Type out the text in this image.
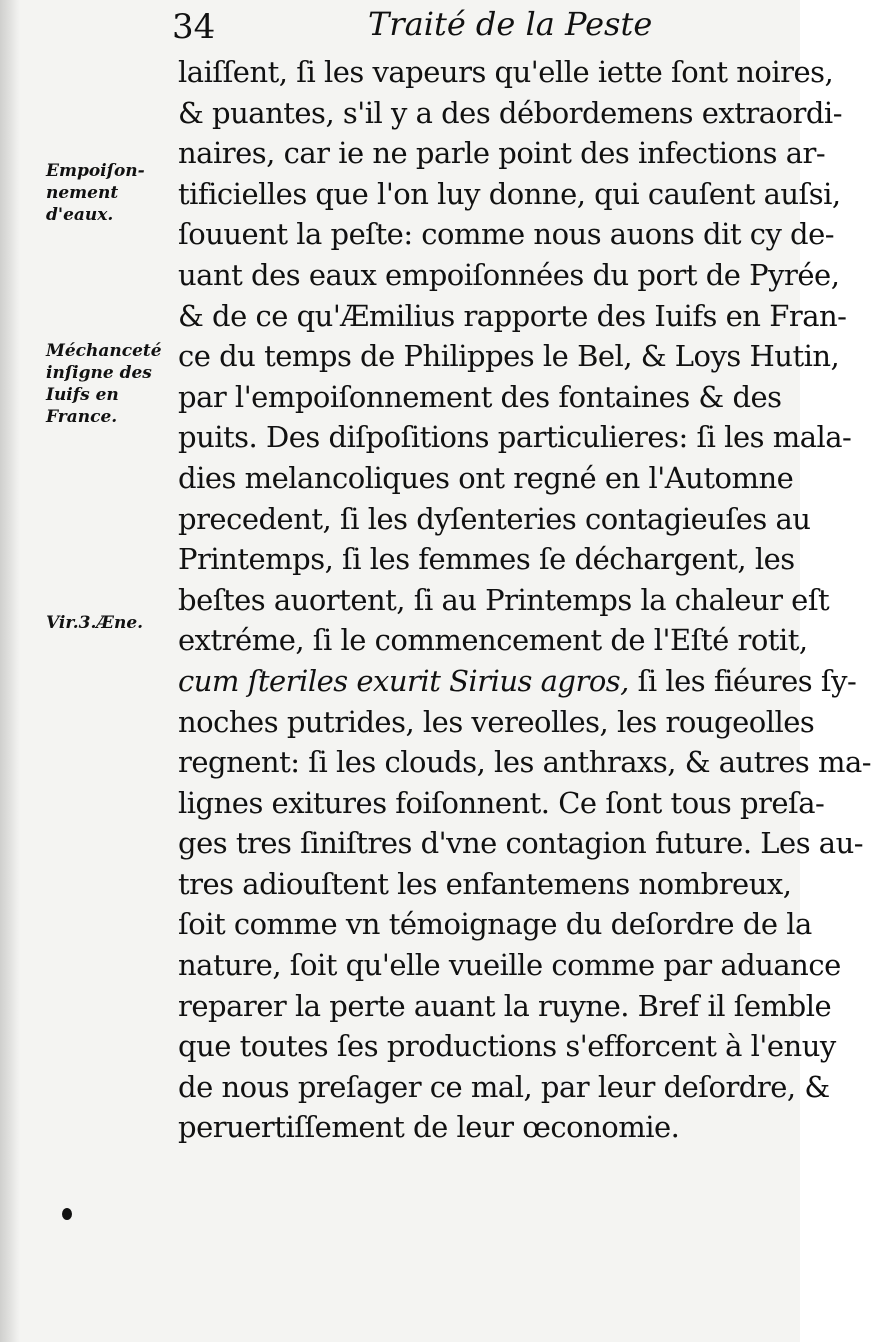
34	Traité de la Peste
Empoiſon-nement d'eaux.
Méchanceté inſigne des Iuifs en France.
Vir.3.Æne.
laiſſent, ſi les vapeurs qu'elle iette ſont noires,
& puantes, s'il y a des débordemens extraordi-
naires, car ie ne parle point des infections ar-
tificielles que l'on luy donne, qui cauſent auſsi,
ſouuent la peſte: comme nous auons dit cy de-
uant des eaux empoiſonnées du port de Pyrée,
& de ce qu'Æmilius rapporte des Iuifs en Fran-
ce du temps de Philippes le Bel, & Loys Hutin,
par l'empoiſonnement des fontaines & des
puits. Des diſpoſitions particulieres: ſi les mala-
dies melancoliques ont regné en l'Automne
precedent, ſi les dyſenteries contagieuſes au
Printemps, ſi les femmes ſe déchargent, les
beſtes auortent, ſi au Printemps la chaleur eſt
extréme, ſi le commencement de l'Eſté rotit,
cum ſteriles exurit Sirius agros, ſi les fiéures ſy-
noches putrides, les vereolles, les rougeolles
regnent: ſi les clouds, les anthraxs, & autres ma-
lignes exitures foiſonnent. Ce ſont tous preſa-
ges tres ſiniſtres d'vne contagion future. Les au-
tres adiouſtent les enfantemens nombreux,
ſoit comme vn témoignage du deſordre de la
nature, ſoit qu'elle vueille comme par aduance
reparer la perte auant la ruyne. Bref il ſemble
que toutes ſes productions s'efforcent à l'enuy
de nous preſager ce mal, par leur deſordre, &
peruertiſſement de leur œconomie.
